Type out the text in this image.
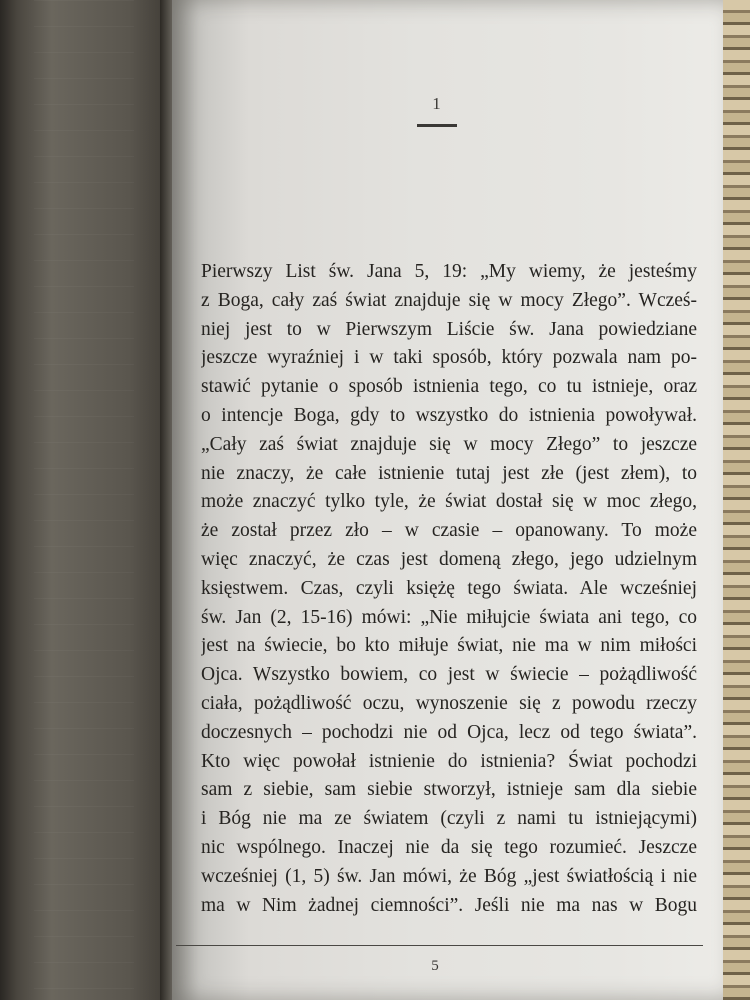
1
Pierwszy List św. Jana 5, 19: „My wiemy, że jesteśmy
z Boga, cały zaś świat znajduje się w mocy Złego”. Wcześ-
niej jest to w Pierwszym Liście św. Jana powiedziane
jeszcze wyraźniej i w taki sposób, który pozwala nam po-
stawić pytanie o sposób istnienia tego, co tu istnieje, oraz
o intencje Boga, gdy to wszystko do istnienia powoływał.
„Cały zaś świat znajduje się w mocy Złego” to jeszcze
nie znaczy, że całe istnienie tutaj jest złe (jest złem), to
może znaczyć tylko tyle, że świat dostał się w moc złego,
że został przez zło – w czasie – opanowany. To może
więc znaczyć, że czas jest domeną złego, jego udzielnym
księstwem. Czas, czyli księżę tego świata. Ale wcześniej
św. Jan (2, 15-16) mówi: „Nie miłujcie świata ani tego, co
jest na świecie, bo kto miłuje świat, nie ma w nim miłości
Ojca. Wszystko bowiem, co jest w świecie – pożądliwość
ciała, pożądliwość oczu, wynoszenie się z powodu rzeczy
doczesnych – pochodzi nie od Ojca, lecz od tego świata”.
Kto więc powołał istnienie do istnienia? Świat pochodzi
sam z siebie, sam siebie stworzył, istnieje sam dla siebie
i Bóg nie ma ze światem (czyli z nami tu istniejącymi)
nic wspólnego. Inaczej nie da się tego rozumieć. Jeszcze
wcześniej (1, 5) św. Jan mówi, że Bóg „jest światłością i nie
ma w Nim żadnej ciemności”. Jeśli nie ma nas w Bogu
5
